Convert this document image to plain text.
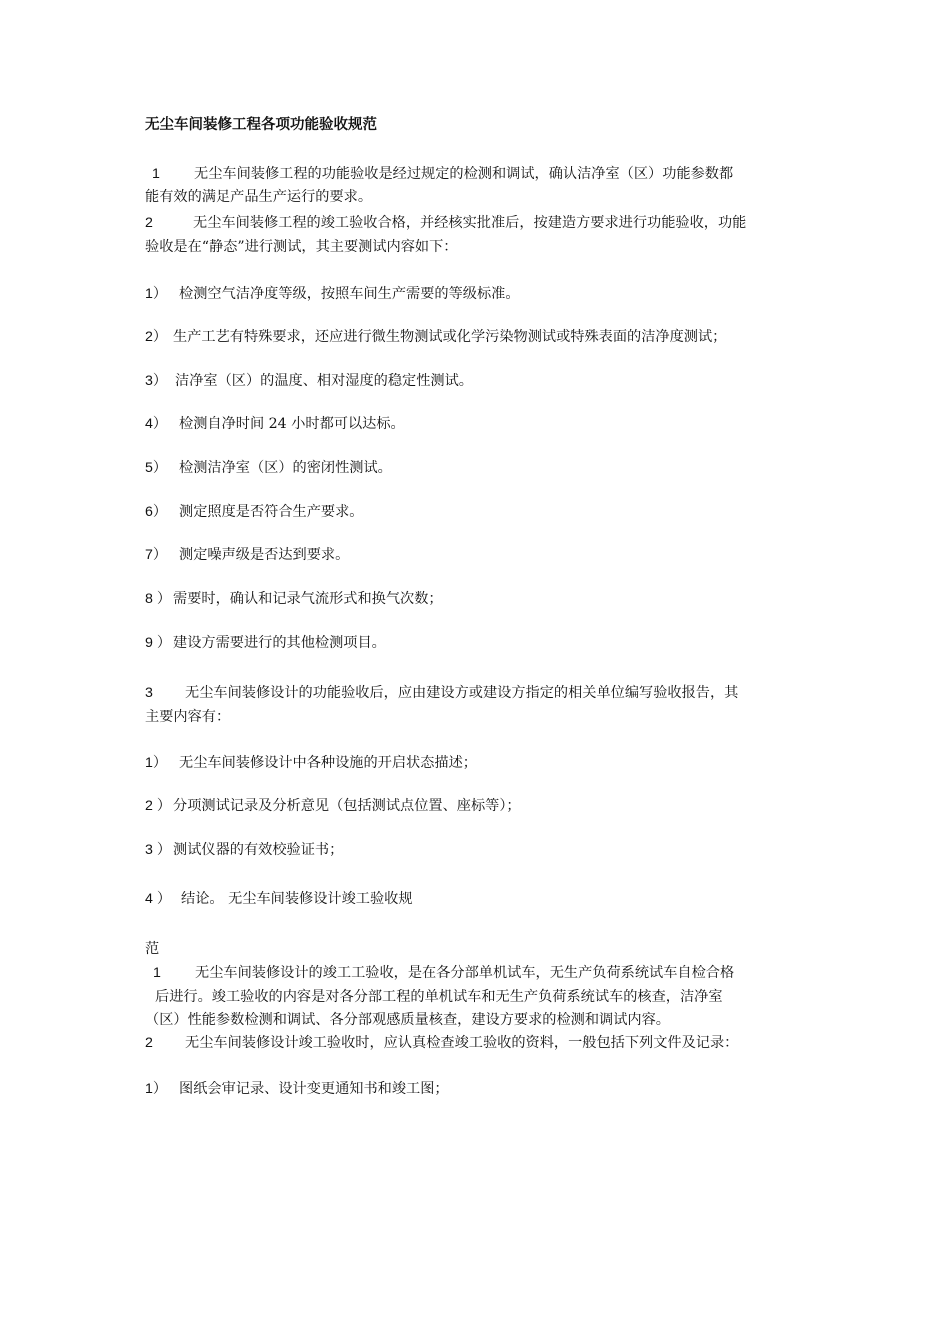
无尘车间装修工程各项功能验收规范
1 无尘车间装修工程的功能验收是经过规定的检测和调试，确认洁净室（区）功能参数都
能有效的满足产品生产运行的要求。
2	无尘车间装修工程的竣工验收合格，并经核实批准后，按建造方要求进行功能验收，功能
验收是在“静态”进行测试，其主要测试内容如下：
1） 检测空气洁净度等级，按照车间生产需要的等级标准。
2） 生产工艺有特殊要求，还应进行微生物测试或化学污染物测试或特殊表面的洁净度测试；
3） 洁净室（区）的温度、相对湿度的稳定性测试。
4） 检测自净时间 24 小时都可以达标。
5） 检测洁净室（区）的密闭性测试。
6） 测定照度是否符合生产要求。
7） 测定噪声级是否达到要求。
8 ） 需要时，确认和记录气流形式和换气次数；
9 ） 建设方需要进行的其他检测项目。
3 无尘车间装修设计的功能验收后，应由建设方或建设方指定的相关单位编写验收报告，其
主要内容有：
1） 无尘车间装修设计中各种设施的开启状态描述；
2 ） 分项测试记录及分析意见（包括测试点位置、座标等）；
3 ） 测试仪器的有效校验证书；
4 ） 结论。 无尘车间装修设计竣工验收规
范
1 无尘车间装修设计的竣工工验收，是在各分部单机试车，无生产负荷系统试车自检合格
后进行。竣工验收的内容是对各分部工程的单机试车和无生产负荷系统试车的核查，洁净室
（区）性能参数检测和调试、各分部观感质量核查，建设方要求的检测和调试内容。
2 无尘车间装修设计竣工验收时，应认真检查竣工验收的资料，一般包括下列文件及记录：
1） 图纸会审记录、设计变更通知书和竣工图；
